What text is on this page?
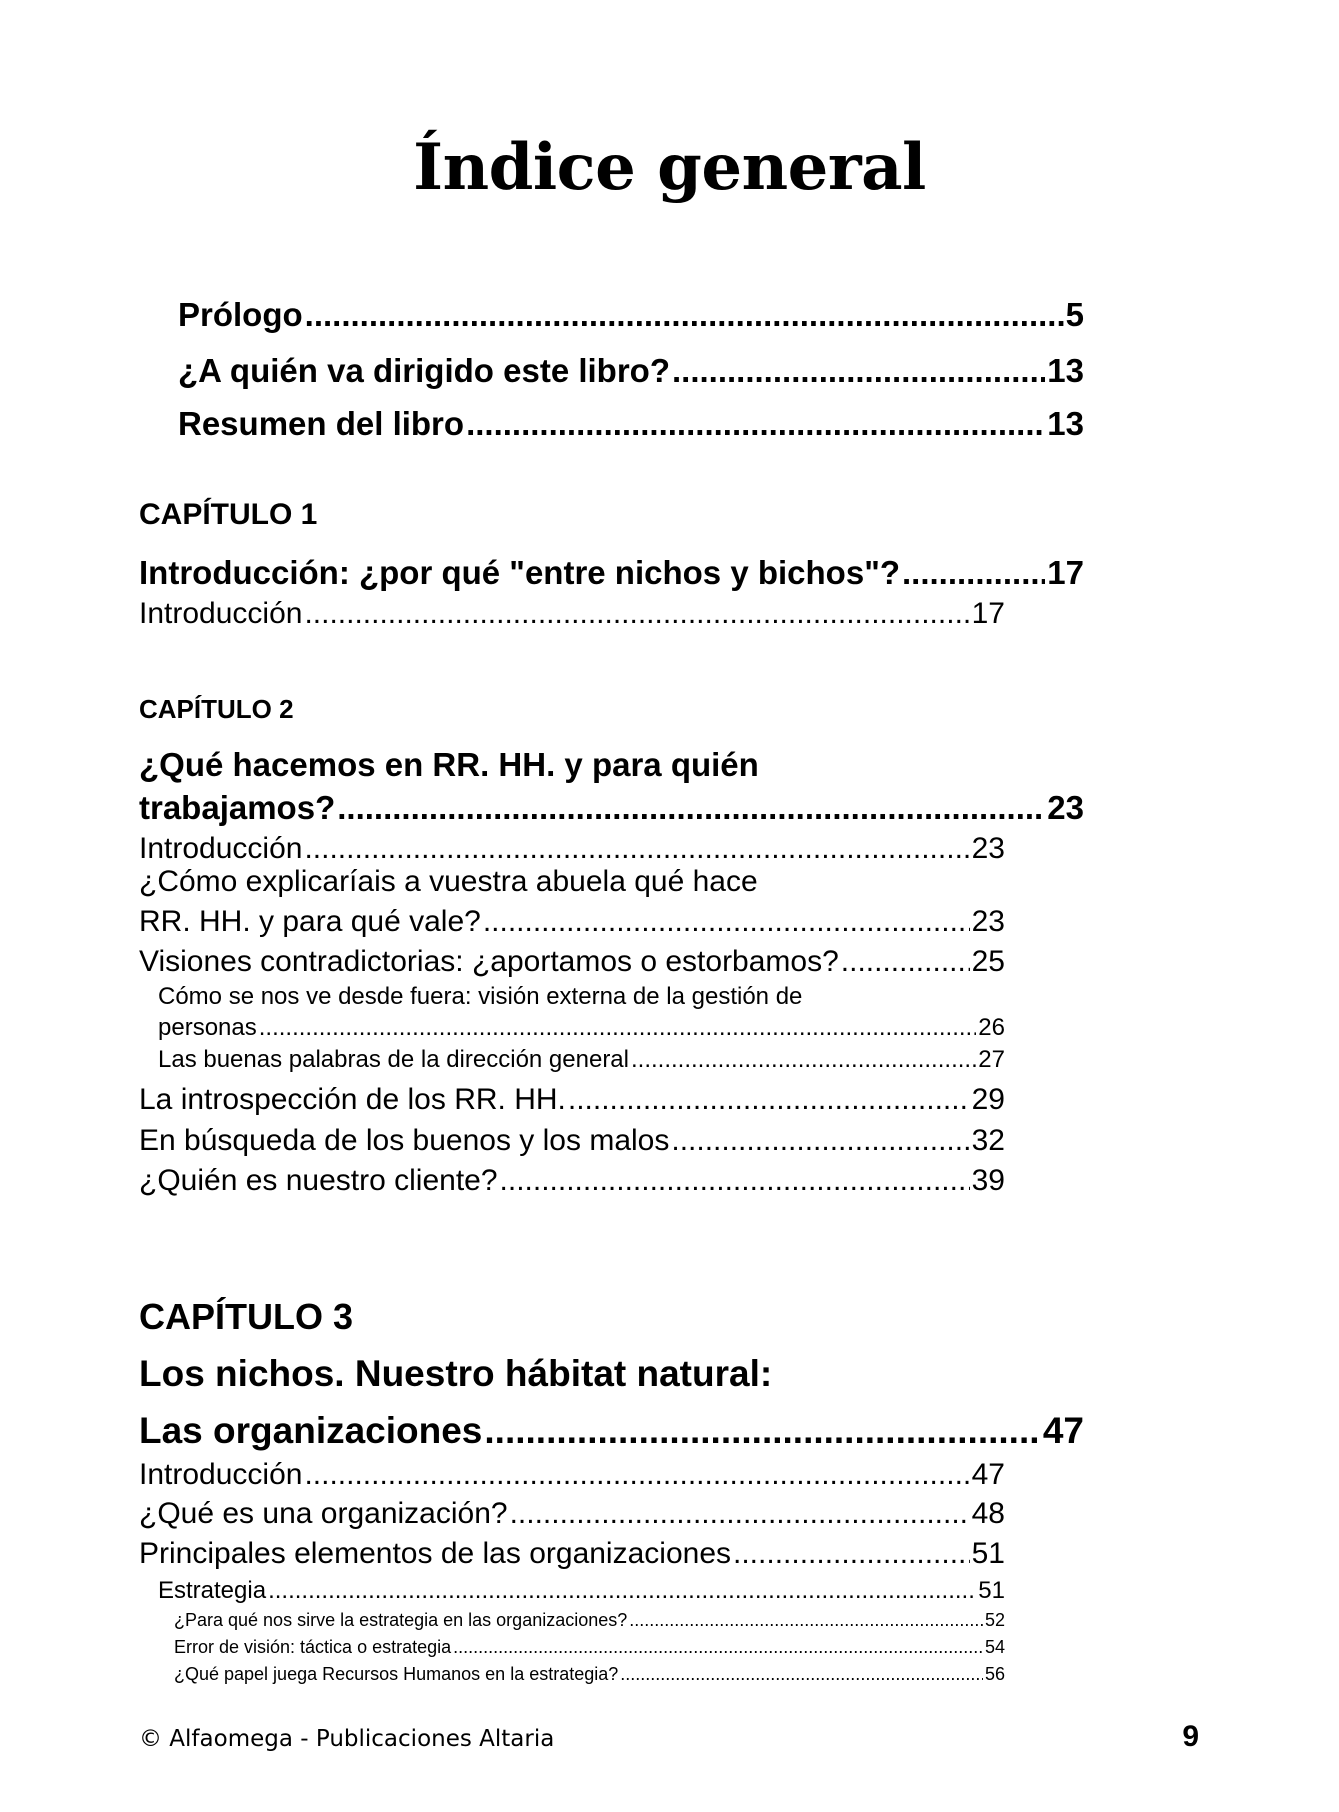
Índice general
Prólogo .....	5
¿A quién va dirigido este libro? .....	13
Resumen del libro .....	13
CAPÍTULO 1
Introducción: ¿por qué "entre nichos y bichos"? .....	17
Introducción .....	17
CAPÍTULO 2
¿Qué hacemos en RR. HH. y para quién
trabajamos? .....	23
Introducción .....	23
¿Cómo explicaríais a vuestra abuela qué hace
RR. HH. y para qué vale? .....	23
Visiones contradictorias: ¿aportamos o estorbamos? .....	25
Cómo se nos ve desde fuera: visión externa de la gestión de
personas .....	26
Las buenas palabras de la dirección general .....	27
La introspección de los RR. HH. .....	29
En búsqueda de los buenos y los malos .....	32
¿Quién es nuestro cliente? .....	39
CAPÍTULO 3
Los nichos. Nuestro hábitat natural:
Las organizaciones .....	47
Introducción .....	47
¿Qué es una organización? .....	48
Principales elementos de las organizaciones .....	51
Estrategia .....	51
¿Para qué nos sirve la estrategia en las organizaciones? .....	52
Error de visión: táctica o estrategia .....	54
¿Qué papel juega Recursos Humanos en la estrategia? .....	56
© Alfaomega - Publicaciones Altaria	9
